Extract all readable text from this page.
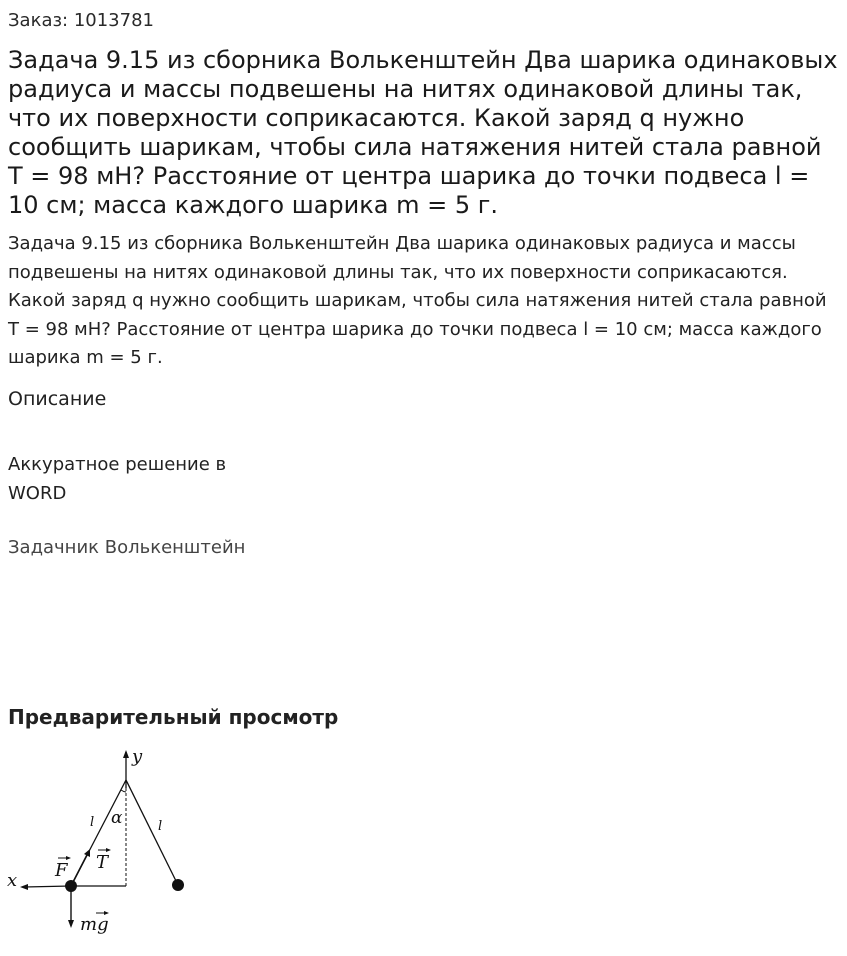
Заказ: 1013781
Задача 9.15 из сборника Волькенштейн Два шарика одинаковых радиуса и массы подвешены на нитях одинаковой длины так, что их поверхности соприкасаются. Какой заряд q нужно сообщить шарикам, чтобы сила натяжения нитей стала равной T = 98 мН? Расстояние от центра шарика до точки подвеса l = 10 см; масса каждого шарика m = 5 г.
Задача 9.15 из сборника Волькенштейн Два шарика одинаковых радиуса и массы подвешены на нитях одинаковой длины так, что их поверхности соприкасаются. Какой заряд q нужно сообщить шарикам, чтобы сила натяжения нитей стала равной T = 98 мН? Расстояние от центра шарика до точки подвеса l = 10 см; масса каждого шарика m = 5 г.
Описание
Аккуратное решение в WORD
Задачник Волькенштейн
Предварительный просмотр
y
α
l	l
x F T
mg
